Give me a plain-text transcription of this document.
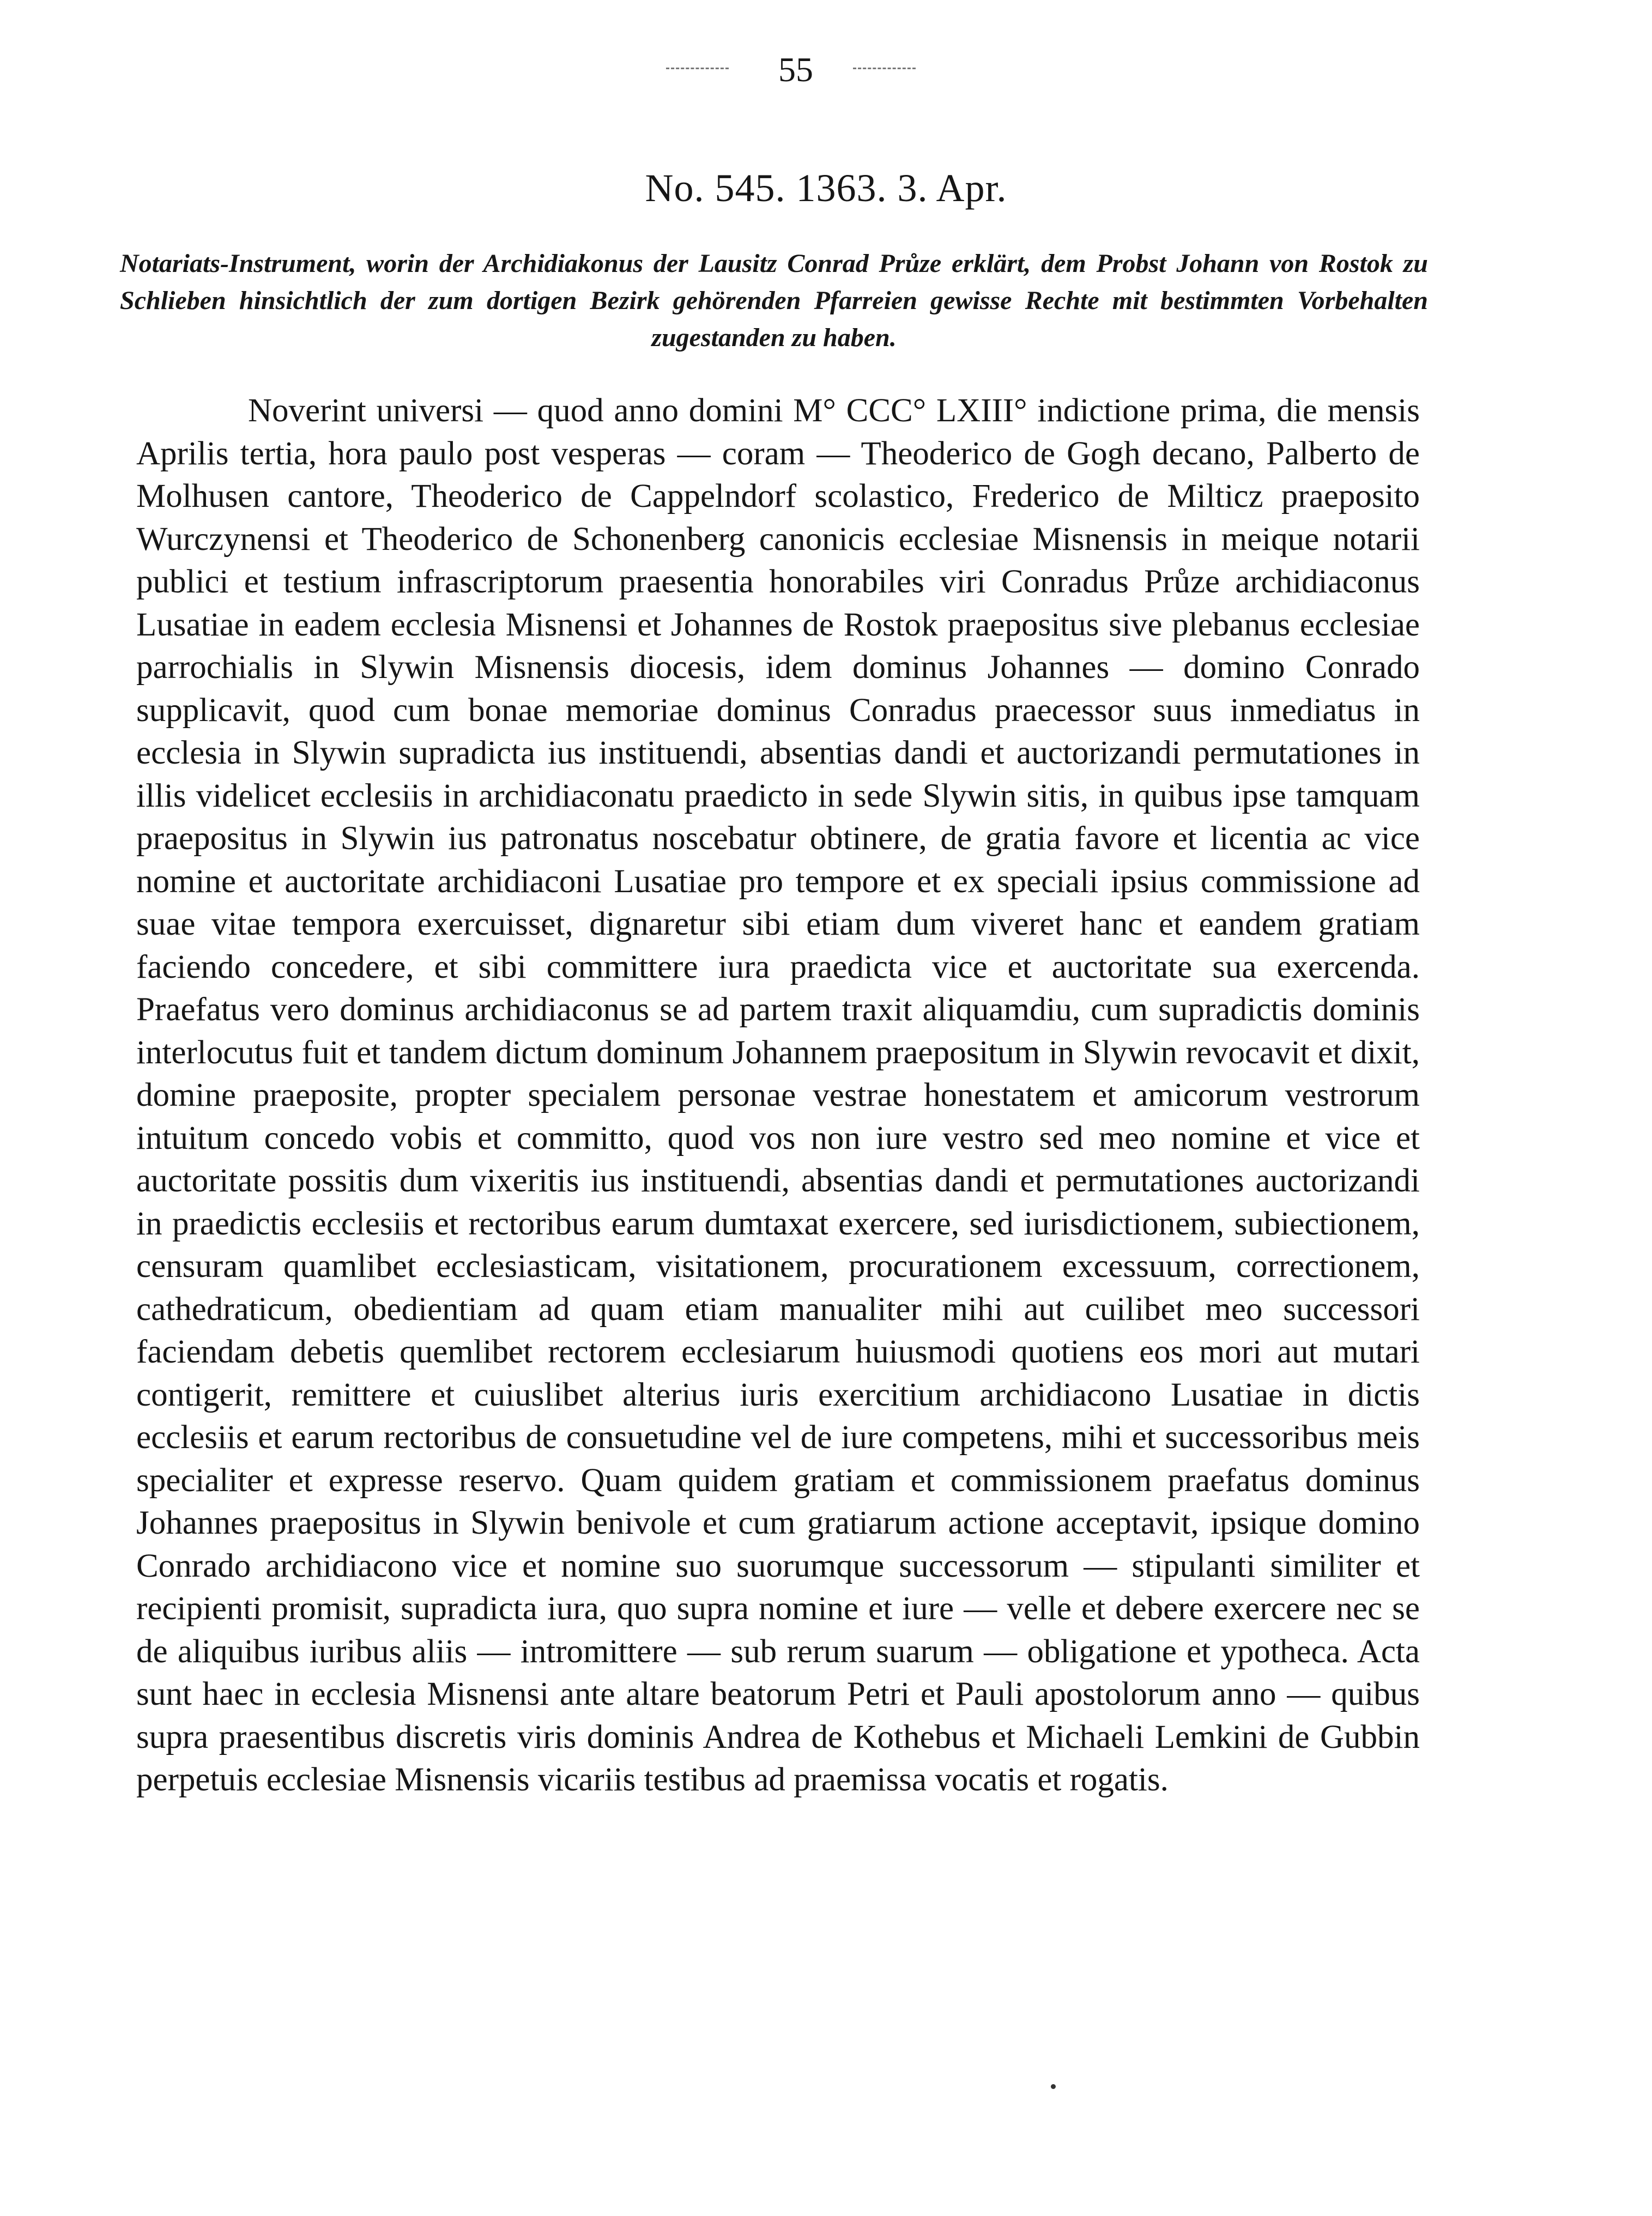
55
No. 545. 1363. 3. Apr.
Notariats-Instrument, worin der Archidiakonus der Lausitz Conrad Průze erklärt, dem Probst Johann von Rostok zu Schlieben hinsichtlich der zum dortigen Bezirk gehörenden Pfarreien gewisse Rechte mit bestimmten Vorbehalten zugestanden zu haben.

Noverint universi — quod anno domini M° CCC° LXIII° indictione prima, die mensis Aprilis tertia, hora paulo post vesperas — coram — Theoderico de Gogh decano, Palberto de Molhusen cantore, Theoderico de Cappelndorf scolastico, Frederico de Milticz praeposito Wurczynensi et Theoderico de Schonenberg canonicis ecclesiae Misnensis in meique notarii publici et testium infrascriptorum praesentia honorabiles viri Conradus Průze archidiaconus Lusatiae in eadem ecclesia Misnensi et Johannes de Rostok praepositus sive plebanus ecclesiae parrochialis in Slywin Misnensis diocesis, idem dominus Johannes — domino Conrado supplicavit, quod cum bonae memoriae dominus Conradus praecessor suus inmediatus in ecclesia in Slywin supradicta ius instituendi, absentias dandi et auctorizandi permutationes in illis videlicet ecclesiis in archidiaconatu praedicto in sede Slywin sitis, in quibus ipse tamquam praepositus in Slywin ius patronatus noscebatur obtinere, de gratia favore et licentia ac vice nomine et auctoritate archidiaconi Lusatiae pro tempore et ex speciali ipsius commissione ad suae vitae tempora exercuisset, dignaretur sibi etiam dum viveret hanc et eandem gratiam faciendo concedere, et sibi committere iura praedicta vice et auctoritate sua exercenda. Praefatus vero dominus archidiaconus se ad partem traxit aliquamdiu, cum supradictis dominis interlocutus fuit et tandem dictum dominum Johannem praepositum in Slywin revocavit et dixit, domine praeposite, propter specialem personae vestrae honestatem et amicorum vestrorum intuitum concedo vobis et committo, quod vos non iure vestro sed meo nomine et vice et auctoritate possitis dum vixeritis ius instituendi, absentias dandi et permutationes auctorizandi in praedictis ecclesiis et rectoribus earum dumtaxat exercere, sed iurisdictionem, subiectionem, censuram quamlibet ecclesiasticam, visitationem, procurationem excessuum, correctionem, cathedraticum, obedientiam ad quam etiam manualiter mihi aut cuilibet meo successori faciendam debetis quemlibet rectorem ecclesiarum huiusmodi quotiens eos mori aut mutari contigerit, remittere et cuiuslibet alterius iuris exercitium archidiacono Lusatiae in dictis ecclesiis et earum rectoribus de consuetudine vel de iure competens, mihi et successoribus meis specialiter et expresse reservo. Quam quidem gratiam et commissionem praefatus dominus Johannes praepositus in Slywin benivole et cum gratiarum actione acceptavit, ipsique domino Conrado archidiacono vice et nomine suo suorumque successorum — stipulanti similiter et recipienti promisit, supradicta iura, quo supra nomine et iure — velle et debere exercere nec se de aliquibus iuribus aliis — intromittere — sub rerum suarum — obligatione et ypotheca. Acta sunt haec in ecclesia Misnensi ante altare beatorum Petri et Pauli apostolorum anno — quibus supra praesentibus discretis viris dominis Andrea de Kothebus et Michaeli Lemkini de Gubbin perpetuis ecclesiae Misnensis vicariis testibus ad praemissa vocatis et rogatis.
